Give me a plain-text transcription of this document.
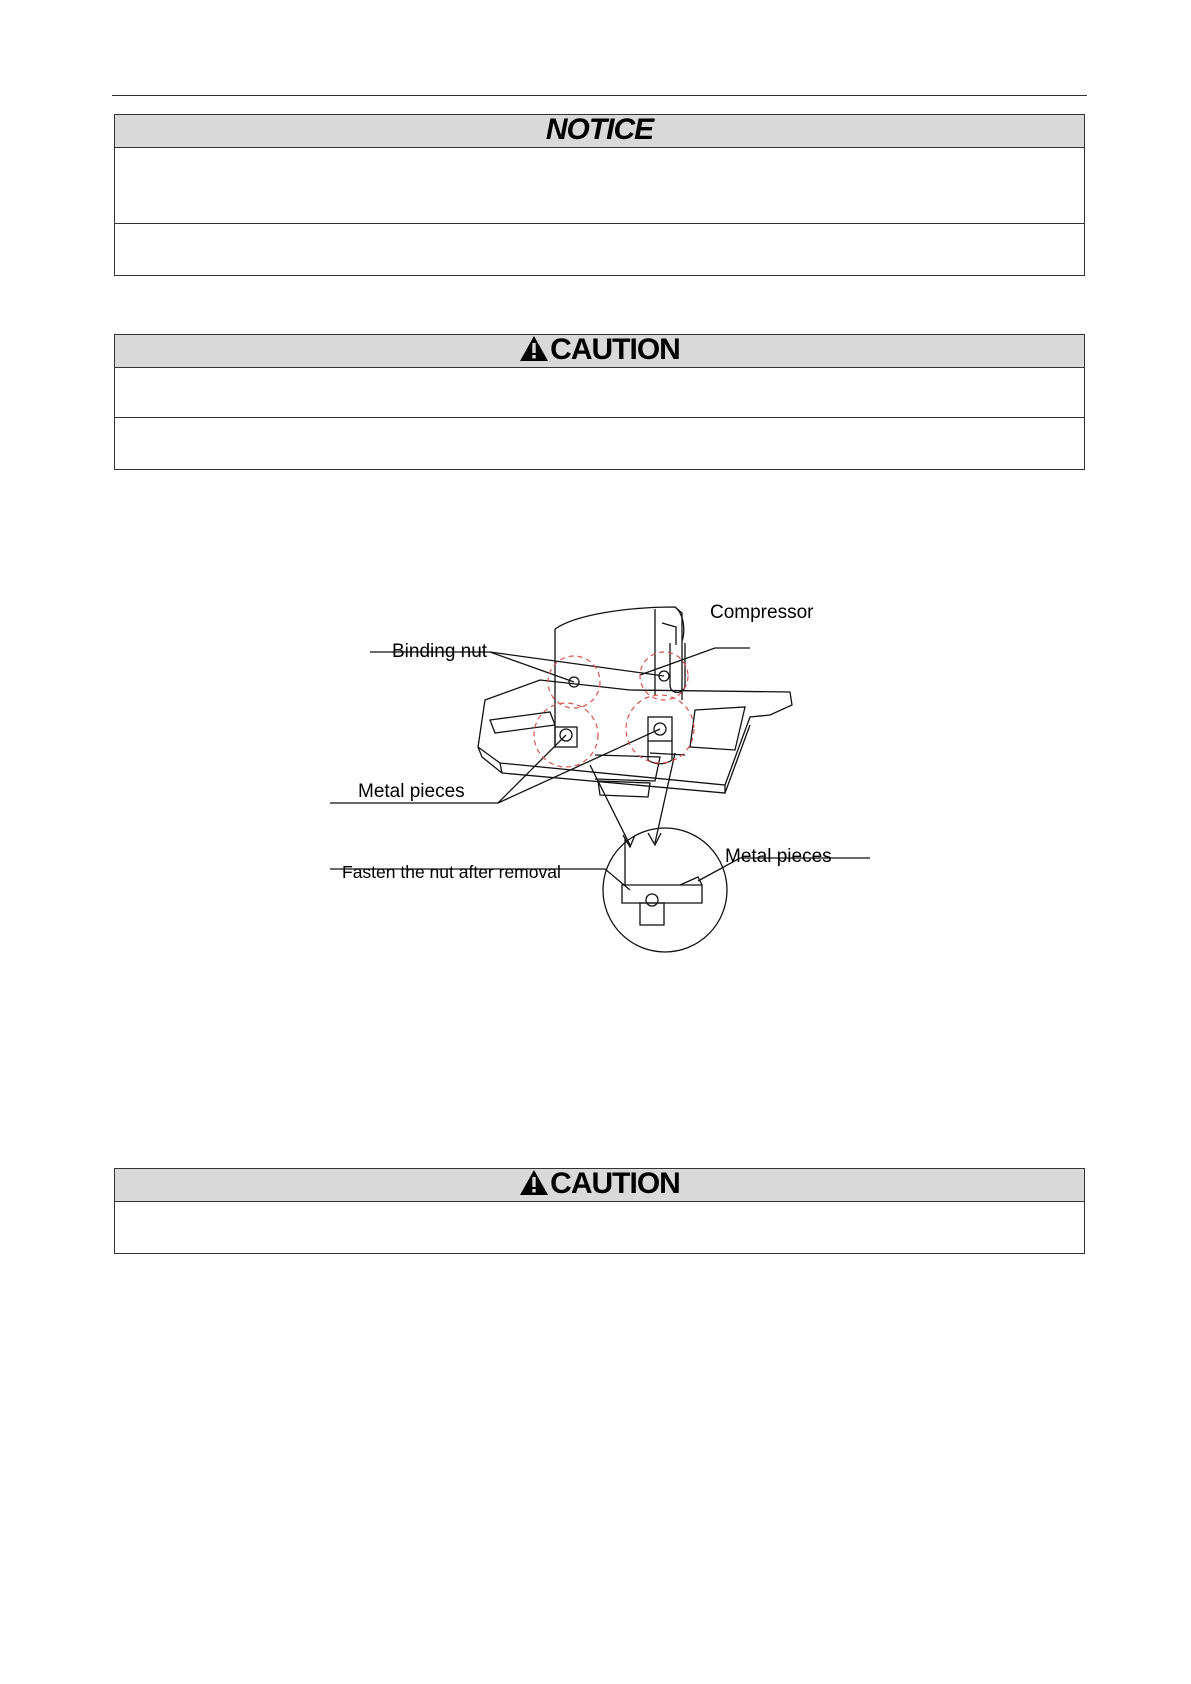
NOTICE
CAUTION
Compressor
Binding nut
Metal pieces
Fasten the nut after removal
Metal pieces
CAUTION
